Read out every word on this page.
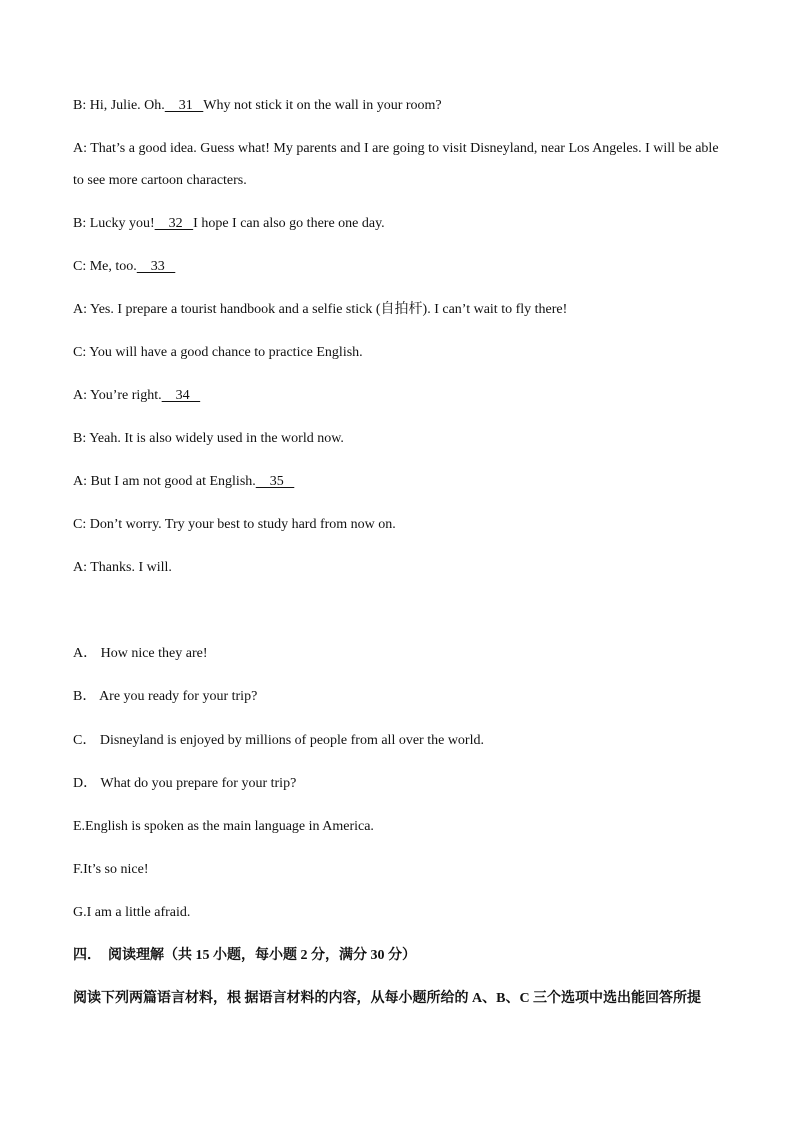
B: Hi, Julie. Oh.    31   Why not stick it on the wall in your room?
A: That’s a good idea. Guess what! My parents and I are going to visit Disneyland, near Los Angeles. I will be able
to see more cartoon characters.
B: Lucky you!    32   I hope I can also go there one day.
C: Me, too.    33
A: Yes. I prepare a tourist handbook and a selfie stick (自拍杆). I can’t wait to fly there!
C: You will have a good chance to practice English.
A: You’re right.    34
B: Yeah. It is also widely used in the world now.
A: But I am not good at English.    35
C: Don’t worry. Try your best to study hard from now on.
A: Thanks. I will.
A． How nice they are!
B． Are you ready for your trip?
C． Disneyland is enjoyed by millions of people from all over the world.
D． What do you prepare for your trip?
E.English is spoken as the main language in America.
F.It’s so nice!
G.I am a little afraid.
四．  阅读理解（共 15 小题，每小题 2 分，满分 30 分）
阅读下列两篇语言材料，根 据语言材料的内容，从每小题所给的 A、B、C 三个选项中选出能回答所提
